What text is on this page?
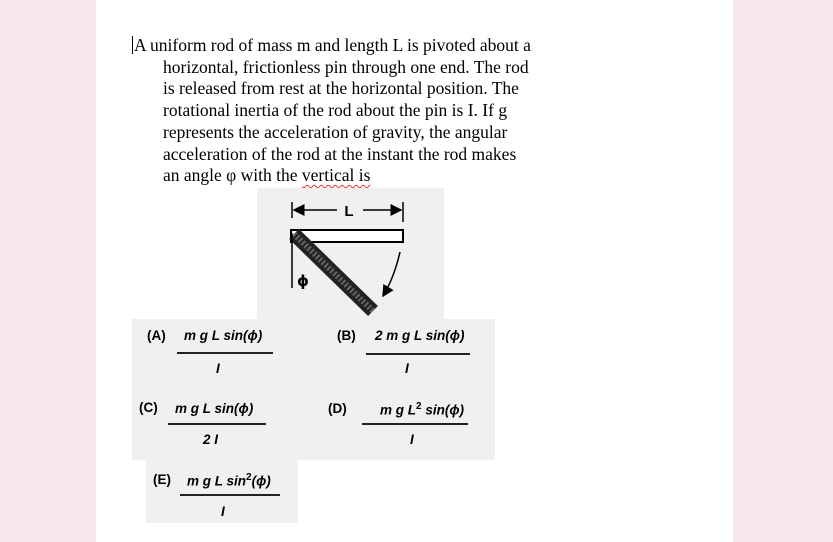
A uniform rod of mass m and length L is pivoted about a
horizontal, frictionless pin through one end. The rod
is released from rest at the horizontal position. The
rotational inertia of the rod about the pin is I. If g
represents the acceleration of gravity, the angular
acceleration of the rod at the instant the rod makes
an angle φ with the vertical is
L
ϕ
(A) m g L sin(ϕ)
I
(B) 2 m g L sin(ϕ)
I
(C) m g L sin(ϕ)
2 I
(D) m g $L^2$ sin(ϕ)
I
(E) m g L $\sin^2(\phi)$
I
